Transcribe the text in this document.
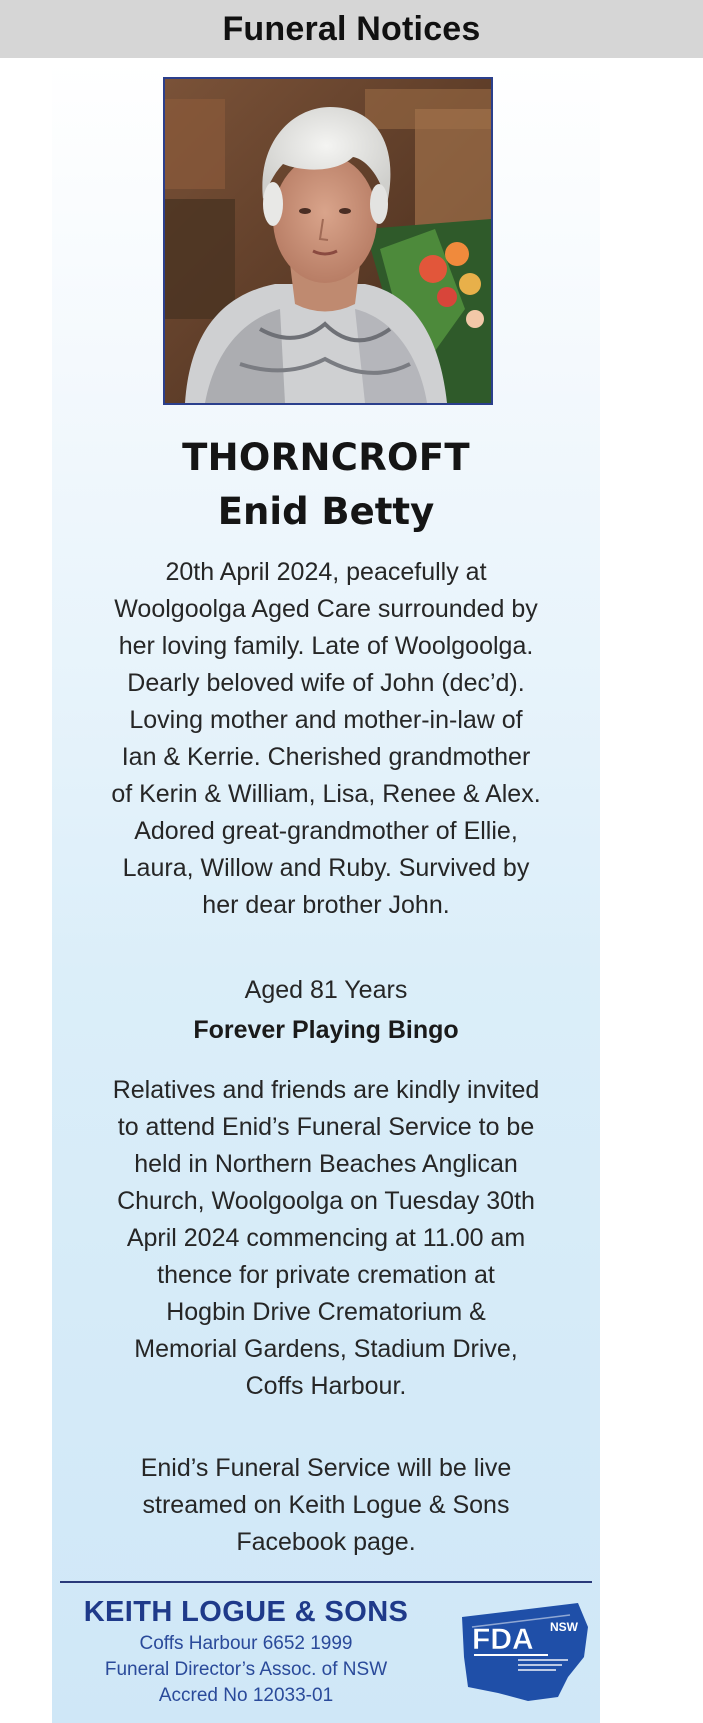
Funeral Notices
THORNCROFT
Enid Betty
20th April 2024, peacefully at
Woolgoolga Aged Care surrounded by
her loving family. Late of Woolgoolga.
Dearly beloved wife of John (dec’d).
Loving mother and mother-in-law of
Ian & Kerrie. Cherished grandmother
of Kerin & William, Lisa, Renee & Alex.
Adored great-grandmother of Ellie,
Laura, Willow and Ruby. Survived by
her dear brother John.
Aged 81 Years
Forever Playing Bingo
Relatives and friends are kindly invited
to attend Enid’s Funeral Service to be
held in Northern Beaches Anglican
Church, Woolgoolga on Tuesday 30th
April 2024 commencing at 11.00 am
thence for private cremation at
Hogbin Drive Crematorium &
Memorial Gardens, Stadium Drive,
Coffs Harbour.
Enid’s Funeral Service will be live
streamed on Keith Logue & Sons
Facebook page.
KEITH LOGUE & SONS
Coffs Harbour 6652 1999
Funeral Director’s Assoc. of NSW
Accred No 12033-01
FDA NSW
